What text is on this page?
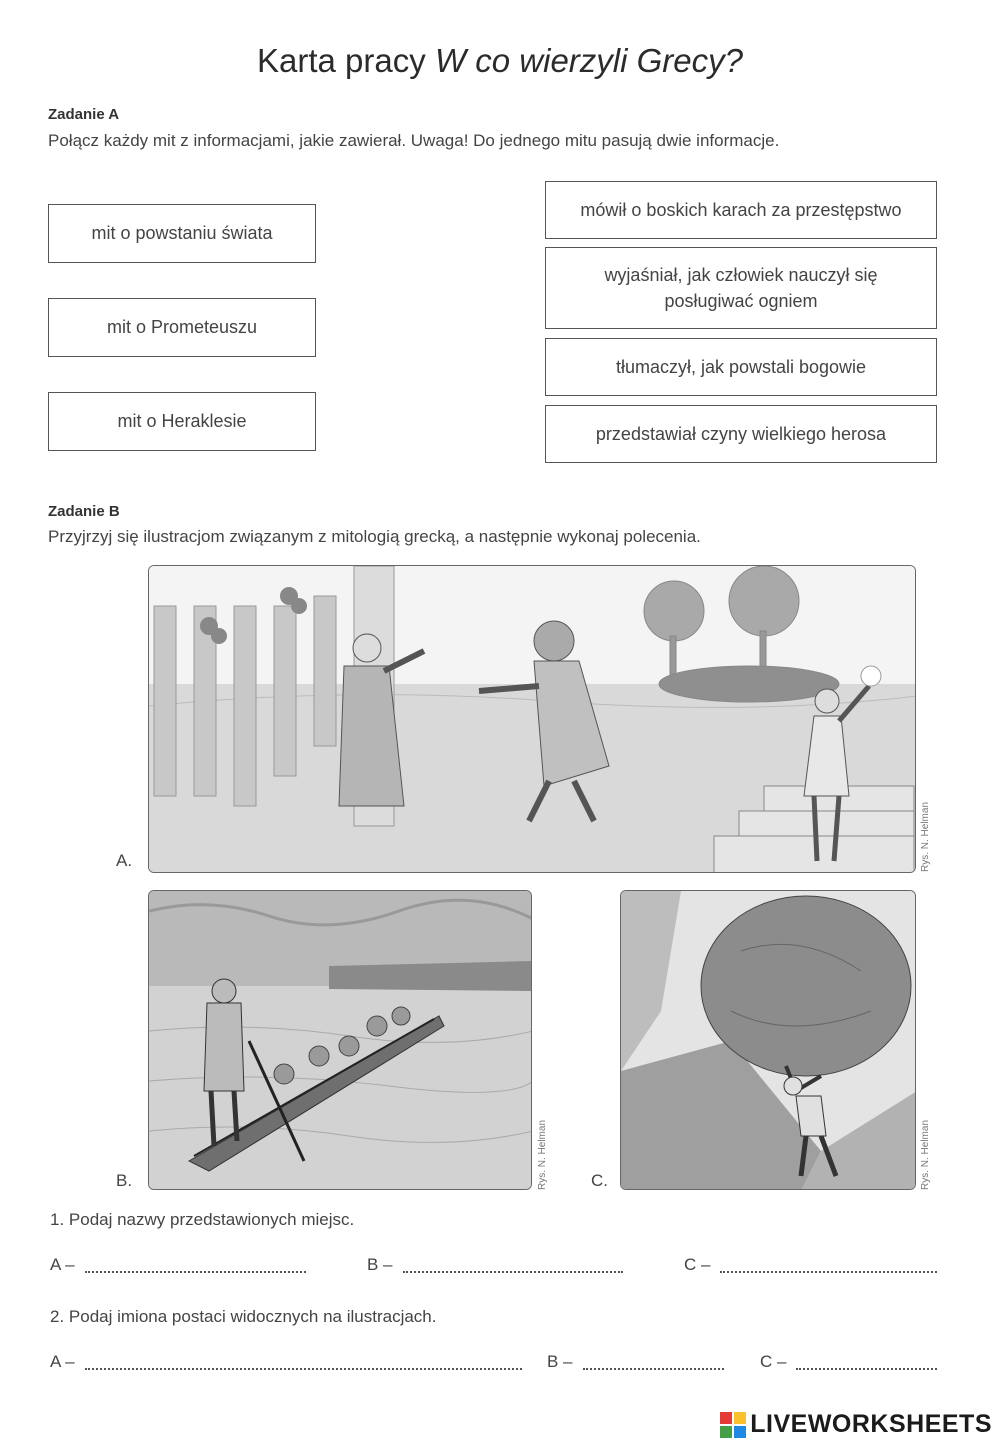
Karta pracy W co wierzyli Grecy?
Zadanie A
Połącz każdy mit z informacjami, jakie zawierał. Uwaga! Do jednego mitu pasują dwie informacje.
mit o powstaniu świata
mit o Prometeuszu
mit o Heraklesie
mówił o boskich karach za przestępstwo
wyjaśniał, jak człowiek nauczył się posługiwać ogniem
tłumaczył, jak powstali bogowie
przedstawiał czyny wielkiego herosa
Zadanie B
Przyjrzyj się ilustracjom związanym z mitologią grecką, a następnie wykonaj polecenia.
A.	Rys. N. Helman
B.	Rys. N. Helman	C.	Rys. N. Helman
1. Podaj nazwy przedstawionych miejsc.
A –	B –	C –
2. Podaj imiona postaci widocznych na ilustracjach.
A –	B –	C –
LIVEWORKSHEETS
